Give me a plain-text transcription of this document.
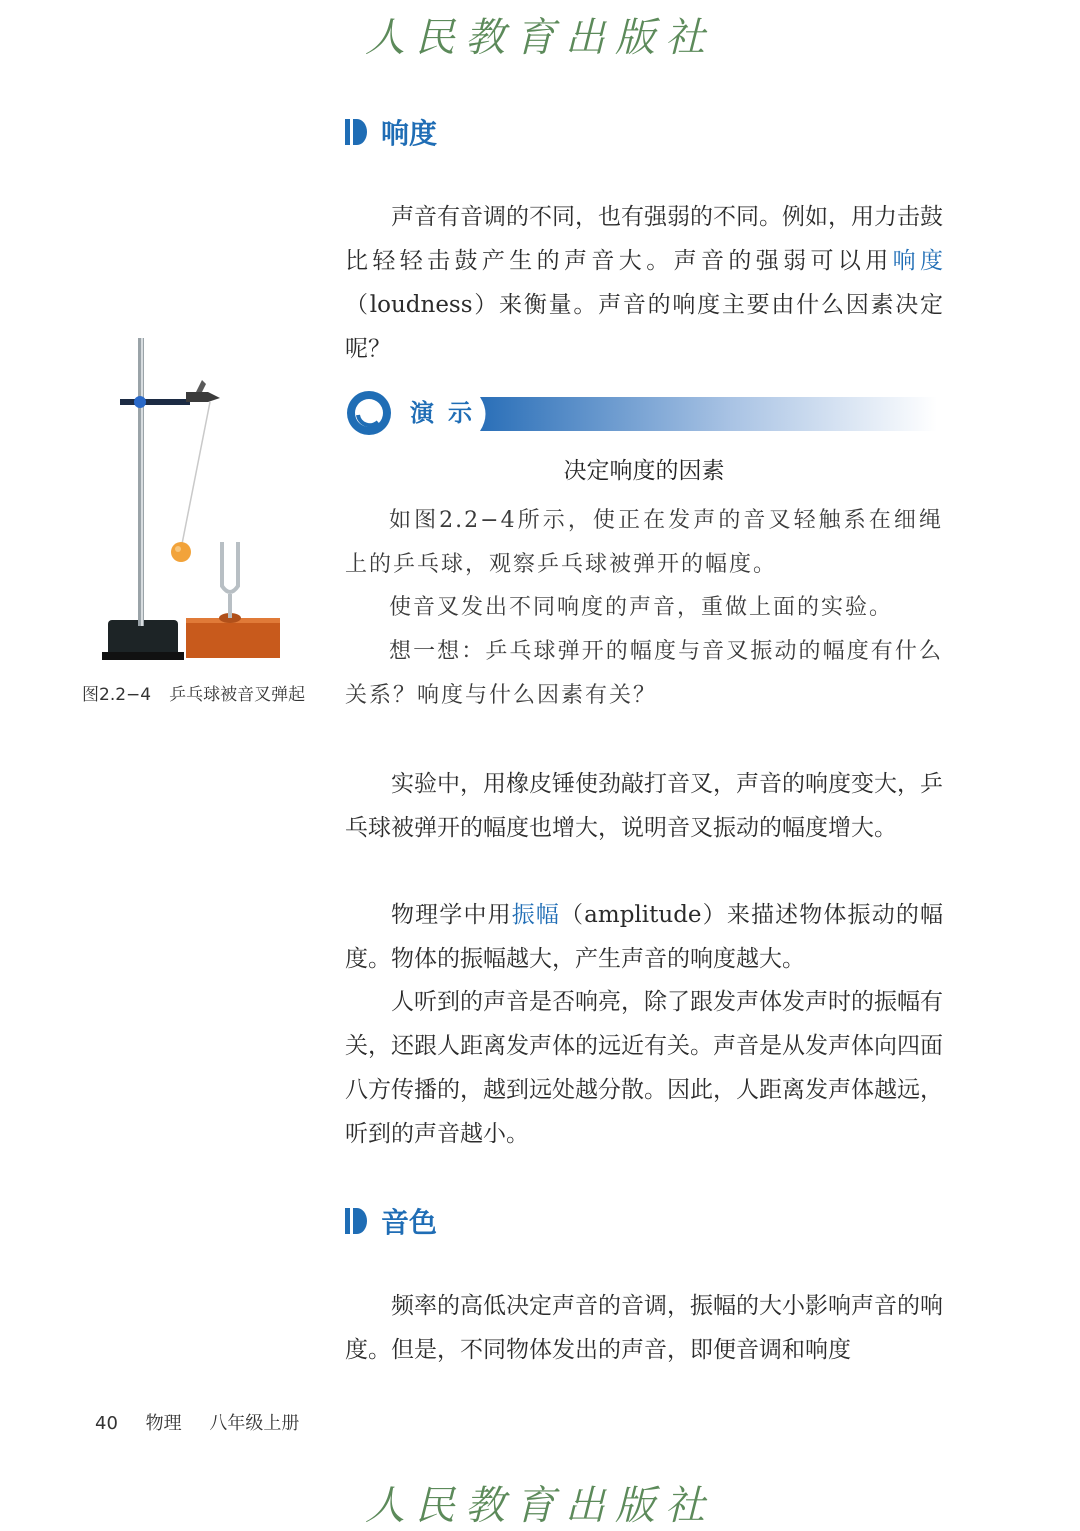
人民教育出版社
响度

声音有音调的不同，也有强弱的不同。例如，用力击鼓比轻轻击鼓产生的声音大。声音的强弱可以用响度（loudness）来衡量。声音的响度主要由什么因素决定呢？

演示
决定响度的因素

如图2.2−4所示，使正在发声的音叉轻触系在细绳上的乒乓球，观察乒乓球被弹开的幅度。

使音叉发出不同响度的声音，重做上面的实验。

想一想：乒乓球弹开的幅度与音叉振动的幅度有什么关系？响度与什么因素有关？

图2.2−4 乒乓球被音叉弹起

实验中，用橡皮锤使劲敲打音叉，声音的响度变大，乒乓球被弹开的幅度也增大，说明音叉振动的幅度增大。

物理学中用振幅（amplitude）来描述物体振动的幅度。物体的振幅越大，产生声音的响度越大。

人听到的声音是否响亮，除了跟发声体发声时的振幅有关，还跟人距离发声体的远近有关。声音是从发声体向四面八方传播的，越到远处越分散。因此，人距离发声体越远，听到的声音越小。

音色

频率的高低决定声音的音调，振幅的大小影响声音的响度。但是，不同物体发出的声音，即便音调和响度

40 物理 八年级上册
人民教育出版社
